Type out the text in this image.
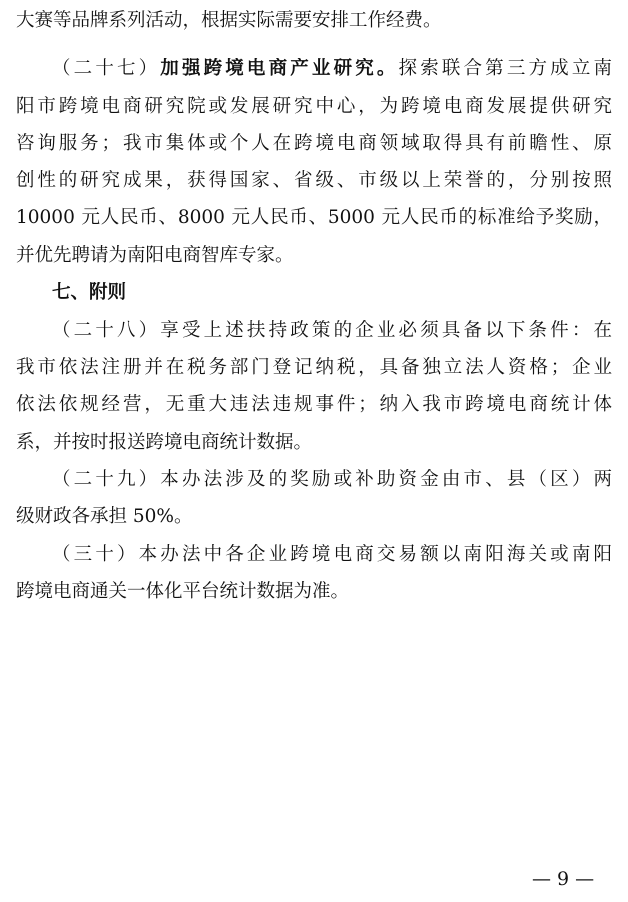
大赛等品牌系列活动，根据实际需要安排工作经费。
（二十七）加强跨境电商产业研究。探索联合第三方成立南
阳市跨境电商研究院或发展研究中心，为跨境电商发展提供研究
咨询服务；我市集体或个人在跨境电商领域取得具有前瞻性、原
创性的研究成果，获得国家、省级、市级以上荣誉的，分别按照
10000 元人民币、8000 元人民币、5000 元人民币的标准给予奖励，
并优先聘请为南阳电商智库专家。
七、附则
（二十八）享受上述扶持政策的企业必须具备以下条件：在
我市依法注册并在税务部门登记纳税，具备独立法人资格；企业
依法依规经营，无重大违法违规事件；纳入我市跨境电商统计体
系，并按时报送跨境电商统计数据。
（二十九）本办法涉及的奖励或补助资金由市、县（区）两
级财政各承担 50%。
（三十）本办法中各企业跨境电商交易额以南阳海关或南阳
跨境电商通关一体化平台统计数据为准。
— 9 —
